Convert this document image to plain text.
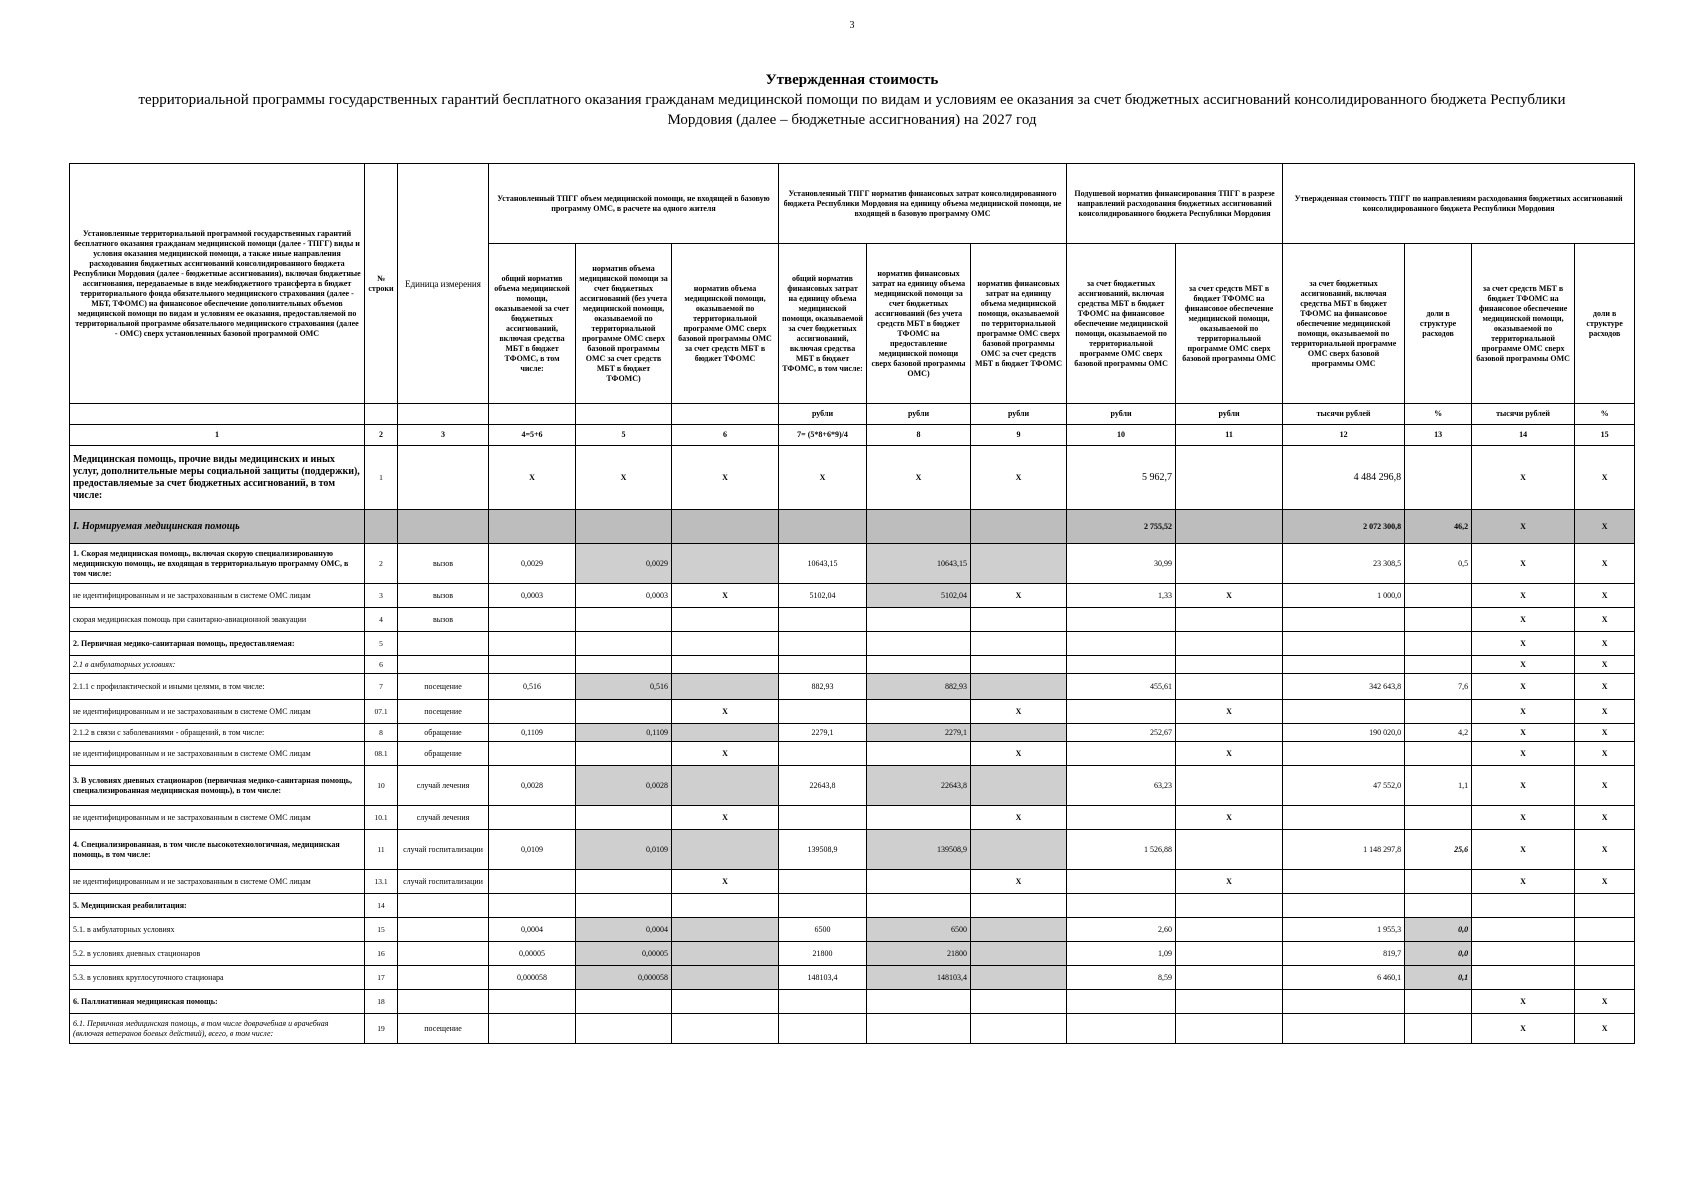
3
Утвержденная стоимость
территориальной программы государственных гарантий бесплатного оказания гражданам медицинской помощи по видам и условиям ее оказания за счет бюджетных ассигнований консолидированного бюджета Республики
Мордовия (далее – бюджетные ассигнования) на 2027 год
Установленные территориальной программой государственных гарантий бесплатного оказания гражданам медицинской помощи (далее - ТПГГ) виды и условия оказания медицинской помощи, а также иные направления расходования бюджетных ассигнований консолидированного бюджета Республики Мордовия (далее - бюджетные ассигнования), включая бюджетные ассигнования, передаваемые в виде межбюджетного трансферта в бюджет территориального фонда обязательного медицинского страхования (далее - МБТ, ТФОМС) на финансовое обеспечение дополнительных объемов медицинской помощи по видам и условиям ее оказания, предоставляемой по территориальной программе обязательного медицинского страхования (далее - ОМС) сверх установленных базовой программой ОМС	№ строки	Единица измерения	Установленный ТПГГ объем медицинской помощи, не входящей в базовую программу ОМС, в расчете на одного жителя			Установленный ТПГГ норматив финансовых затрат консолидированного бюджета Республики Мордовия на единицу объема медицинской помощи, не входящей в базовую программу ОМС			Подушевой норматив финансирования ТПГГ в разрезе направлений расходования бюджетных ассигнований консолидированного бюджета Республики Мордовия		Утвержденная стоимость ТПГГ по направлениям расходования бюджетных ассигнований консолидированного бюджета Республики Мордовия			
			общий норматив объема медицинской помощи, оказываемой за счет бюджетных ассигнований, включая средства МБТ в бюджет ТФОМС, в том числе:	норматив объема медицинской помощи за счет бюджетных ассигнований (без учета медицинской помощи, оказываемой по территориальной программе ОМС сверх базовой программы ОМС за счет средств МБТ в бюджет ТФОМС)	норматив объема медицинской помощи, оказываемой по территориальной программе ОМС сверх базовой программы ОМС за счет средств МБТ в бюджет ТФОМС	общий норматив финансовых затрат на единицу объема медицинской помощи, оказываемой за счет бюджетных ассигнований, включая средства МБТ в бюджет ТФОМС, в том числе:	норматив финансовых затрат на единицу объема медицинской помощи за счет бюджетных ассигнований (без учета средств МБТ в бюджет ТФОМС на предоставление медицинской помощи сверх базовой программы ОМС)	норматив финансовых затрат на единицу объема медицинской помощи, оказываемой по территориальной программе ОМС сверх базовой программы ОМС за счет средств МБТ в бюджет ТФОМС	за счет бюджетных ассигнований, включая средства МБТ в бюджет ТФОМС на финансовое обеспечение медицинской помощи, оказываемой по территориальной программе ОМС сверх базовой программы ОМС	за счет средств МБТ в бюджет ТФОМС на финансовое обеспечение медицинской помощи, оказываемой по территориальной программе ОМС сверх базовой программы ОМС	за счет бюджетных ассигнований, включая средства МБТ в бюджет ТФОМС на финансовое обеспечение медицинской помощи, оказываемой по территориальной программе ОМС сверх базовой программы ОМС	доли в структуре расходов	за счет средств МБТ в бюджет ТФОМС на финансовое обеспечение медицинской помощи, оказываемой по территориальной программе ОМС сверх базовой программы ОМС	доли в структуре расходов
						рубли	рубли	рубли	рубли	рубли	тысячи рублей	%	тысячи рублей	%
1	2	3	4=5+6	5	6	7= (5*8+6*9)/4	8	9	10	11	12	13	14	15
Медицинская помощь, прочие виды медицинских и иных услуг, дополнительные меры социальной защиты (поддержки), предоставляемые за счет бюджетных ассигнований, в том числе:	1		X	X	X	X	X	X	5 962,7		4 484 296,8		X	X
I. Нормируемая медицинская помощь									2 755,52		2 072 300,8	46,2	X	X
1. Скорая медицинская помощь, включая скорую специализированную медицинскую помощь, не входящая в территориальную программу ОМС, в том числе:	2	вызов	0,0029	0,0029		10643,15	10643,15		30,99		23 308,5	0,5	X	X
не идентифицированным и не застрахованным в системе ОМС лицам	3	вызов	0,0003	0,0003	X	5102,04	5102,04	X	1,33	X	1 000,0		X	X
скорая медицинская помощь при санитарно-авиационной эвакуации	4	вызов											X	X
2. Первичная медико-санитарная помощь, предоставляемая:	5												X	X
2.1 в амбулаторных условиях:	6												X	X
2.1.1 с профилактической и иными целями, в том числе:	7	посещение	0,516	0,516		882,93	882,93		455,61		342 643,8	7,6	X	X
не идентифицированным и не застрахованным в системе ОМС лицам	07.1	посещение			X			X		X			X	X
2.1.2 в связи с заболеваниями - обращений, в том числе:	8	обращение	0,1109	0,1109		2279,1	2279,1		252,67		190 020,0	4,2	X	X
не идентифицированным и не застрахованным в системе ОМС лицам	08.1	обращение			X			X		X			X	X
3. В условиях дневных стационаров (первичная медико-санитарная помощь, специализированная медицинская помощь), в том числе:	10	случай лечения	0,0028	0,0028		22643,8	22643,8		63,23		47 552,0	1,1	X	X
не идентифицированным и не застрахованным в системе ОМС лицам	10.1	случай лечения			X			X		X			X	X
4. Специализированная, в том числе высокотехнологичная, медицинская помощь, в том числе:	11	случай госпитализации	0,0109	0,0109		139508,9	139508,9		1 526,88		1 148 297,8	25,6	X	X
не идентифицированным и не застрахованным в системе ОМС лицам	13.1	случай госпитализации			X			X		X			X	X
5. Медицинская реабилитация:	14													
5.1. в амбулаторных условиях	15		0,0004	0,0004		6500	6500		2,60		1 955,3	0,0		
5.2. в условиях дневных стационаров	16		0,00005	0,00005		21800	21800		1,09		819,7	0,0		
5.3. в условиях круглосуточного стационара	17		0,000058	0,000058		148103,4	148103,4		8,59		6 460,1	0,1		
6. Паллиативная медицинская помощь:	18												X	X
6.1. Первичная медицинская помощь, в том числе доврачебная и врачебная (включая ветеранов боевых действий), всего, в том числе:	19	посещение											X	X
